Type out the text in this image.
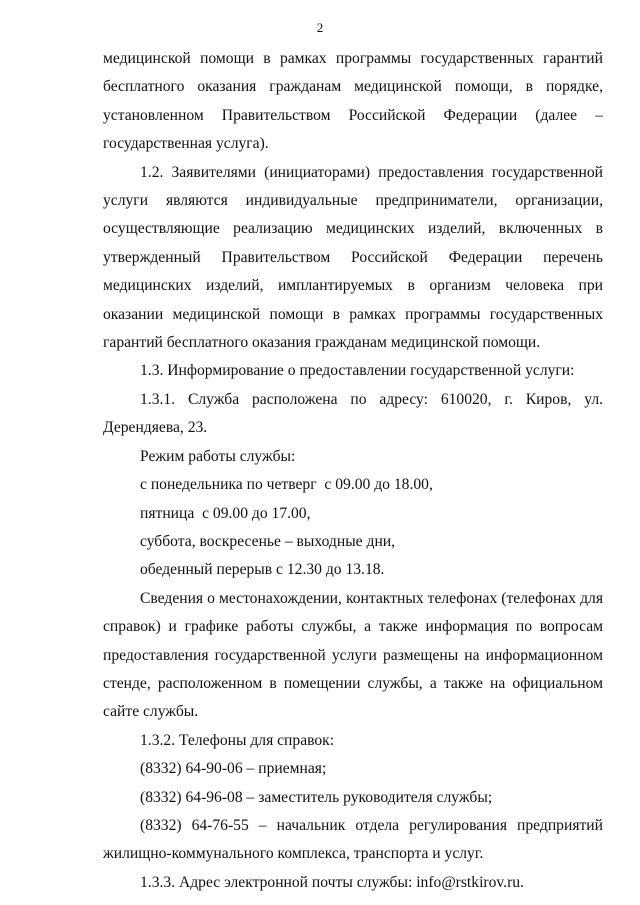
2

медицинской помощи в рамках программы государственных гарантий бесплатного оказания гражданам медицинской помощи, в порядке, установленном Правительством Российской Федерации (далее – государственная услуга).

1.2. Заявителями (инициаторами) предоставления государственной услуги являются индивидуальные предприниматели, организации, осуществляющие реализацию медицинских изделий, включенных в утвержденный Правительством Российской Федерации перечень медицинских изделий, имплантируемых в организм человека при оказании медицинской помощи в рамках программы государственных гарантий бесплатного оказания гражданам медицинской помощи.

1.3. Информирование о предоставлении государственной услуги:

1.3.1. Служба расположена по адресу: 610020, г. Киров, ул. Дерендяева, 23.

Режим работы службы:

с понедельника по четверг  с 09.00 до 18.00,

пятница  с 09.00 до 17.00,

суббота, воскресенье – выходные дни,

обеденный перерыв с 12.30 до 13.18.

Сведения о местонахождении, контактных телефонах (телефонах для справок) и графике работы службы, а также информация по вопросам предоставления государственной услуги размещены на информационном стенде, расположенном в помещении службы, а также на официальном сайте службы.

1.3.2. Телефоны для справок:

(8332) 64-90-06 – приемная;

(8332) 64-96-08 – заместитель руководителя службы;

(8332) 64-76-55 – начальник отдела регулирования предприятий жилищно-коммунального комплекса, транспорта и услуг.

1.3.3. Адрес электронной почты службы: info@rstkirov.ru.
